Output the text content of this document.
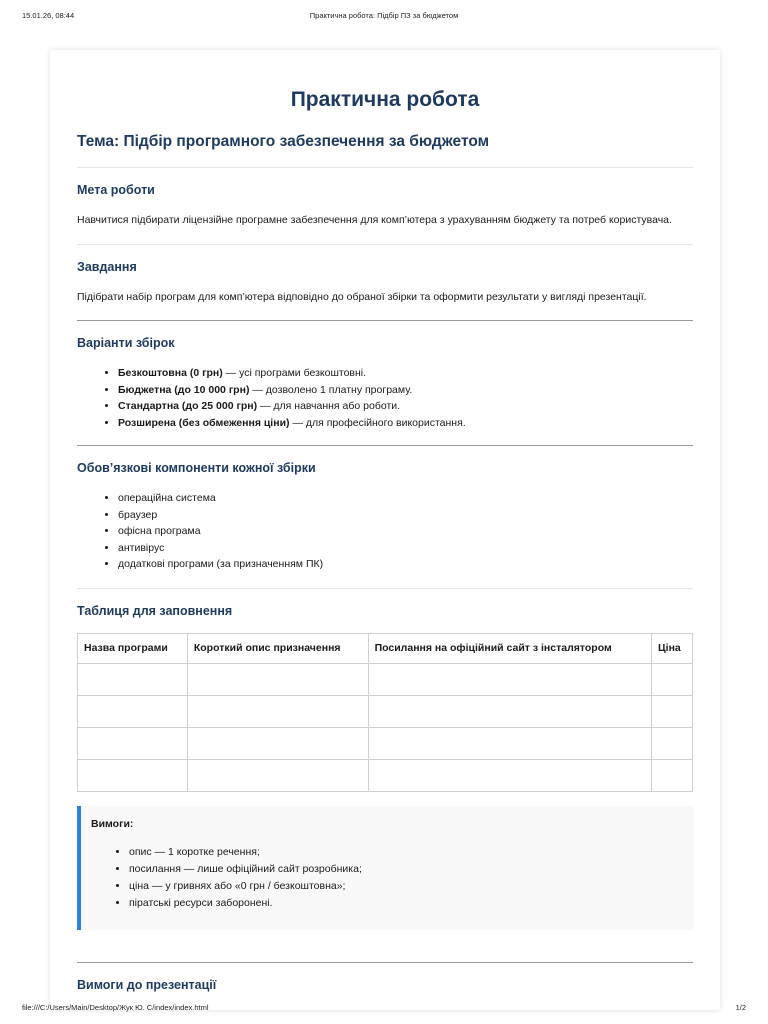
15.01.26, 08:44	Практична робота: Підбір ПЗ за бюджетом
Практична робота
Тема: Підбір програмного забезпечення за бюджетом
Мета роботи

Навчитися підбирати ліцензійне програмне забезпечення для комп’ютера з урахуванням бюджету та потреб користувача.

Завдання

Підібрати набір програм для комп’ютера відповідно до обраної збірки та оформити результати у вигляді презентації.

Варіанти збірок
• Безкоштовна (0 грн) — усі програми безкоштовні.
• Бюджетна (до 10 000 грн) — дозволено 1 платну програму.
• Стандартна (до 25 000 грн) — для навчання або роботи.
• Розширена (без обмеження ціни) — для професійного використання.
Обов’язкові компоненти кожної збірки
• операційна система
• браузер
• офісна програма
• антивірус
• додаткові програми (за призначенням ПК)
Таблиця для заповнення
Назва програми	Короткий опис призначення	Посилання на офіційний сайт з інсталятором	Ціна

Вимоги:
• опис — 1 коротке речення;
• посилання — лише офіційний сайт розробника;
• ціна — у гривнях або «0 грн / безкоштовна»;
• піратські ресурси заборонені.
Вимоги до презентації
file:///C:/Users/Main/Desktop/Жук Ю. С/index/index.html	1/2
